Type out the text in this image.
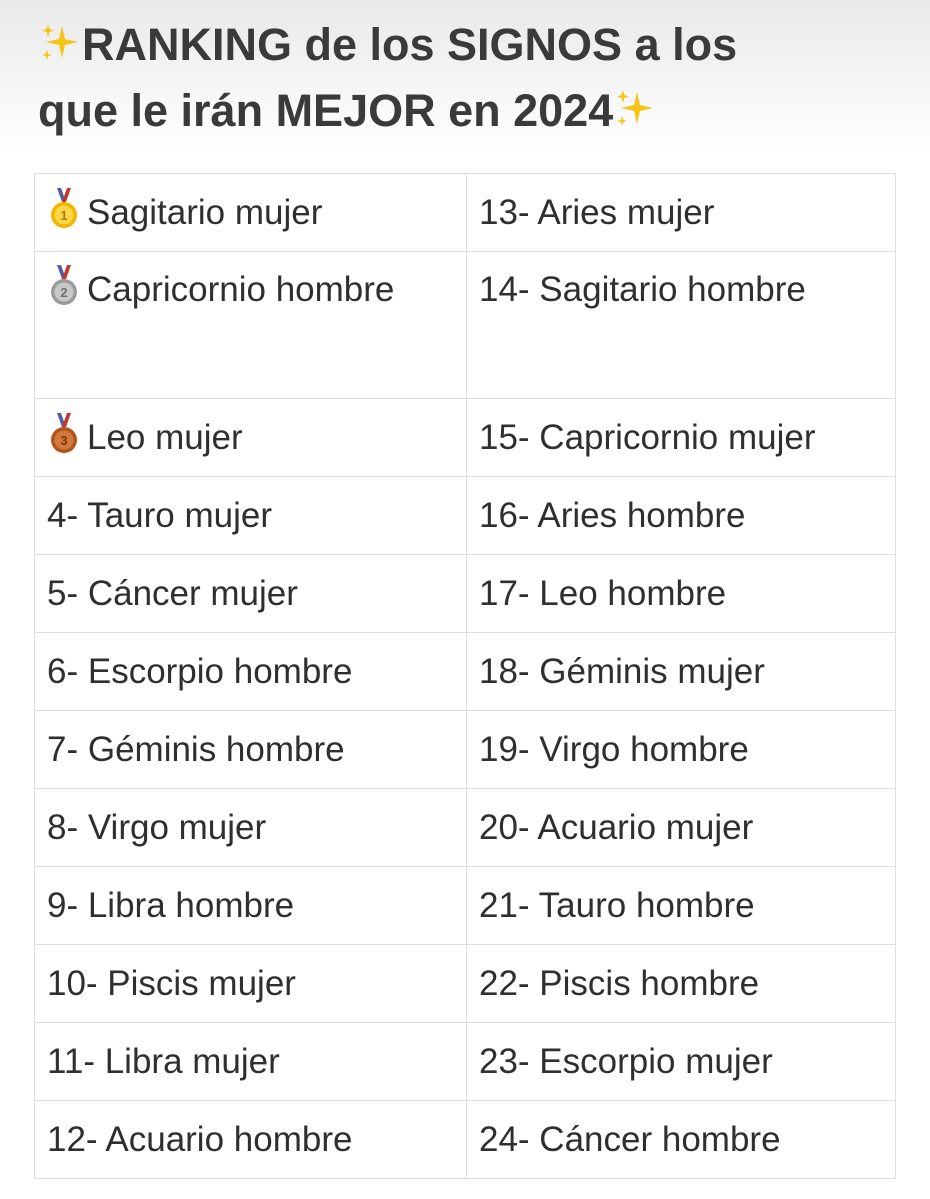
RANKING de los SIGNOS a los
que le irán MEJOR en 2024
1 Sagitario mujer	13- Aries mujer

2 Capricornio hombre	14- Sagitario hombre

3 Leo mujer	15- Capricornio mujer
4- Tauro mujer	16- Aries hombre
5- Cáncer mujer	17- Leo hombre
6- Escorpio hombre	18- Géminis mujer
7- Géminis hombre	19- Virgo hombre
8- Virgo mujer	20- Acuario mujer
9- Libra hombre	21- Tauro hombre
10- Piscis mujer	22- Piscis hombre
11- Libra mujer	23- Escorpio mujer
12- Acuario hombre	24- Cáncer hombre
